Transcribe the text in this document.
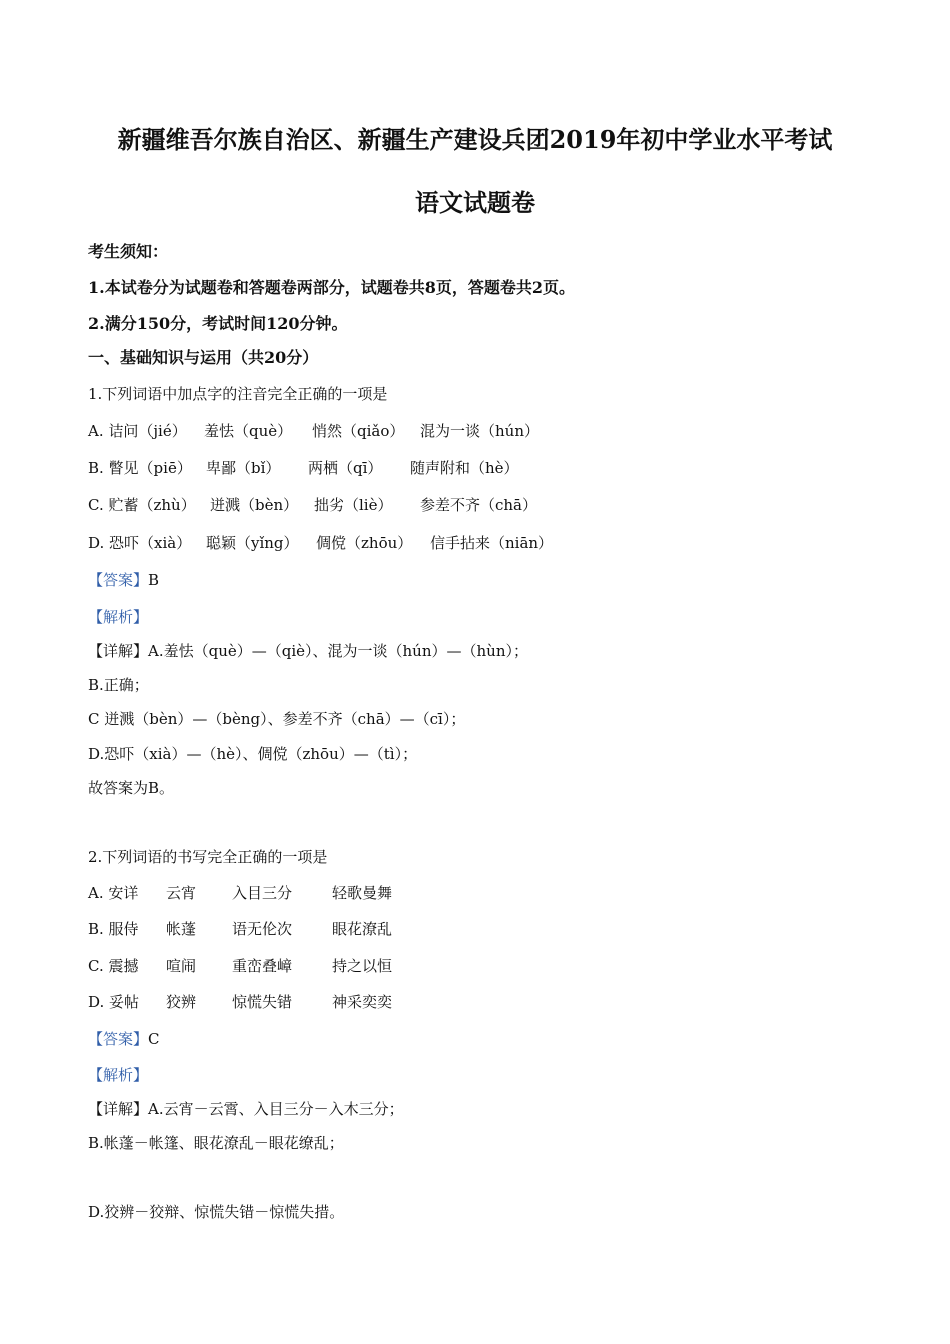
新疆维吾尔族自治区、新疆生产建设兵团2019年初中学业水平考试
语文试题卷
考生须知：
1.本试卷分为试题卷和答题卷两部分，试题卷共8页，答题卷共2页。
2.满分150分，考试时间120分钟。
一、基础知识与运用（共20分）
1.下列词语中加点字的注音完全正确的一项是
A. 诘问（jié） 羞怯（què） 悄然（qiǎo） 混为一谈（hún）
B. 瞥见（piē） 卑鄙（bǐ） 两栖（qī） 随声附和（hè）
C. 贮蓄（zhù） 迸溅（bèn） 拙劣（liè） 参差不齐（chā）
D. 恐吓（xià） 聪颖（yǐng） 倜傥（zhōu） 信手拈来（niān）
【答案】B
【解析】
【详解】A.羞怯（què）—（qiè）、混为一谈（hún）—（hùn）；
B.正确；
C 迸溅（bèn）—（bèng）、参差不齐（chā）—（cī）；
D.恐吓（xià）—（hè）、倜傥（zhōu）—（tì）；
故答案为B。
2.下列词语的书写完全正确的一项是
A. 安详 云宵 入目三分	轻歌曼舞
B. 服侍 帐蓬 语无伦次	眼花潦乱
C. 震撼 喧闹 重峦叠嶂	持之以恒
D. 妥帖 狡辨 惊慌失错	神采奕奕
【答案】C
【解析】
【详解】A.云宵－云霄、入目三分－入木三分；
B.帐蓬－帐篷、眼花潦乱－眼花缭乱；
D.狡辨－狡辩、惊慌失错－惊慌失措。
